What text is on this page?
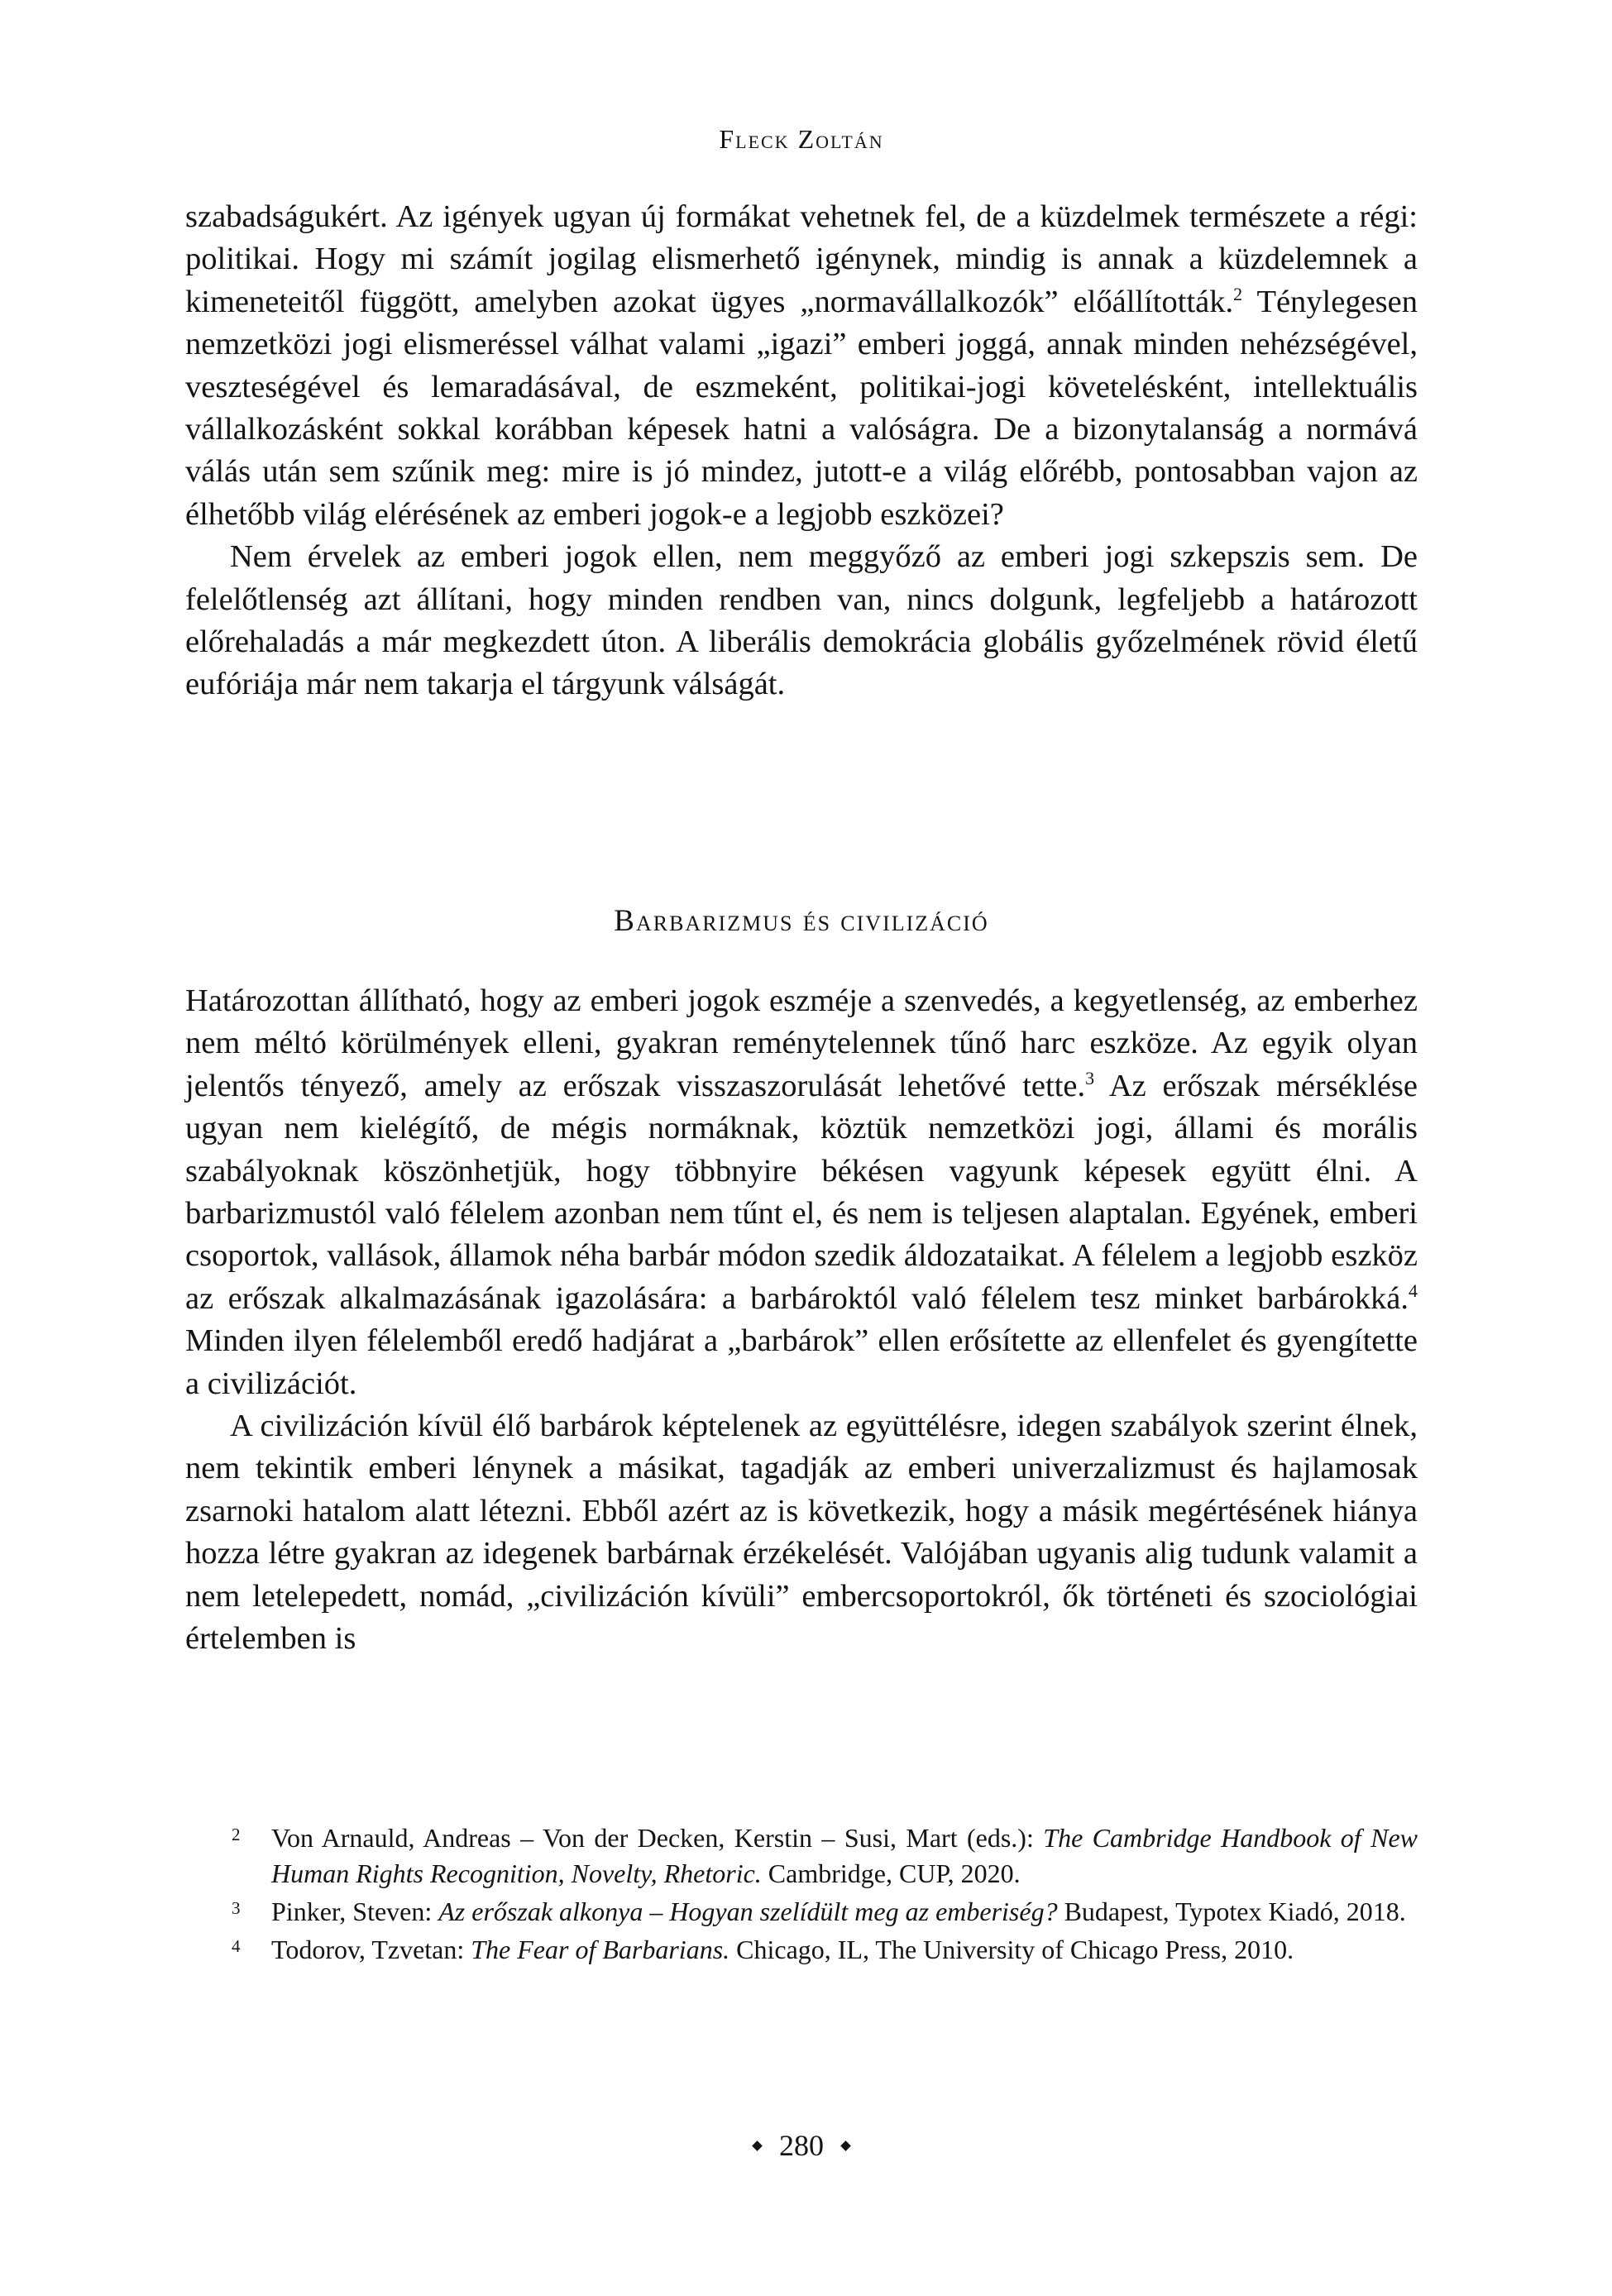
Fleck Zoltán

szabadságukért. Az igények ugyan új formákat vehetnek fel, de a küzdelmek természete a régi: politikai. Hogy mi számít jogilag elismerhető igénynek, mindig is annak a küzdelemnek a kimeneteitől függött, amelyben azokat ügyes „normavállalkozók” előállították.$^2$ Ténylegesen nemzetközi jogi elismeréssel válhat valami „igazi” emberi joggá, annak minden nehézségével, veszteségével és lemaradásával, de eszmeként, politikai-jogi követelésként, intellektuális vállalkozásként sokkal korábban képesek hatni a valóságra. De a bizonytalanság a normává válás után sem szűnik meg: mire is jó mindez, jutott-e a világ előrébb, pontosabban vajon az élhetőbb világ elérésének az emberi jogok-e a legjobb eszközei?

Nem érvelek az emberi jogok ellen, nem meggyőző az emberi jogi szkepszis sem. De felelőtlenség azt állítani, hogy minden rendben van, nincs dolgunk, legfeljebb a határozott előrehaladás a már megkezdett úton. A liberális demokrácia globális győzelmének rövid életű eufóriája már nem takarja el tárgyunk válságát.

Barbarizmus és civilizáció

Határozottan állítható, hogy az emberi jogok eszméje a szenvedés, a kegyetlenség, az emberhez nem méltó körülmények elleni, gyakran reménytelennek tűnő harc eszköze. Az egyik olyan jelentős tényező, amely az erőszak visszaszorulását lehetővé tette.$^3$ Az erőszak mérséklése ugyan nem kielégítő, de mégis normáknak, köztük nemzetközi jogi, állami és morális szabályoknak köszönhetjük, hogy többnyire békésen vagyunk képesek együtt élni. A barbarizmustól való félelem azonban nem tűnt el, és nem is teljesen alaptalan. Egyének, emberi csoportok, vallások, államok néha barbár módon szedik áldozataikat. A félelem a legjobb eszköz az erőszak alkalmazásának igazolására: a barbároktól való félelem tesz minket barbárokká.$^4$ Minden ilyen félelemből eredő hadjárat a „barbárok” ellen erősítette az ellenfelet és gyengítette a civilizációt.

A civilizáción kívül élő barbárok képtelenek az együttélésre, idegen szabályok szerint élnek, nem tekintik emberi lénynek a másikat, tagadják az emberi univerzalizmust és hajlamosak zsarnoki hatalom alatt létezni. Ebből azért az is következik, hogy a másik megértésének hiánya hozza létre gyakran az idegenek barbárnak érzékelését. Valójában ugyanis alig tudunk valamit a nem letelepedett, nomád, „civilizáción kívüli” embercsoportokról, ők történeti és szociológiai értelemben is

2 Von Arnauld, Andreas – Von der Decken, Kerstin – Susi, Mart (eds.): The Cambridge Handbook of New Human Rights Recognition, Novelty, Rhetoric. Cambridge, CUP, 2020.
3 Pinker, Steven: Az erőszak alkonya – Hogyan szelídült meg az emberiség? Budapest, Typotex Kiadó, 2018.
4 Todorov, Tzvetan: The Fear of Barbarians. Chicago, IL, The University of Chicago Press, 2010.
280
